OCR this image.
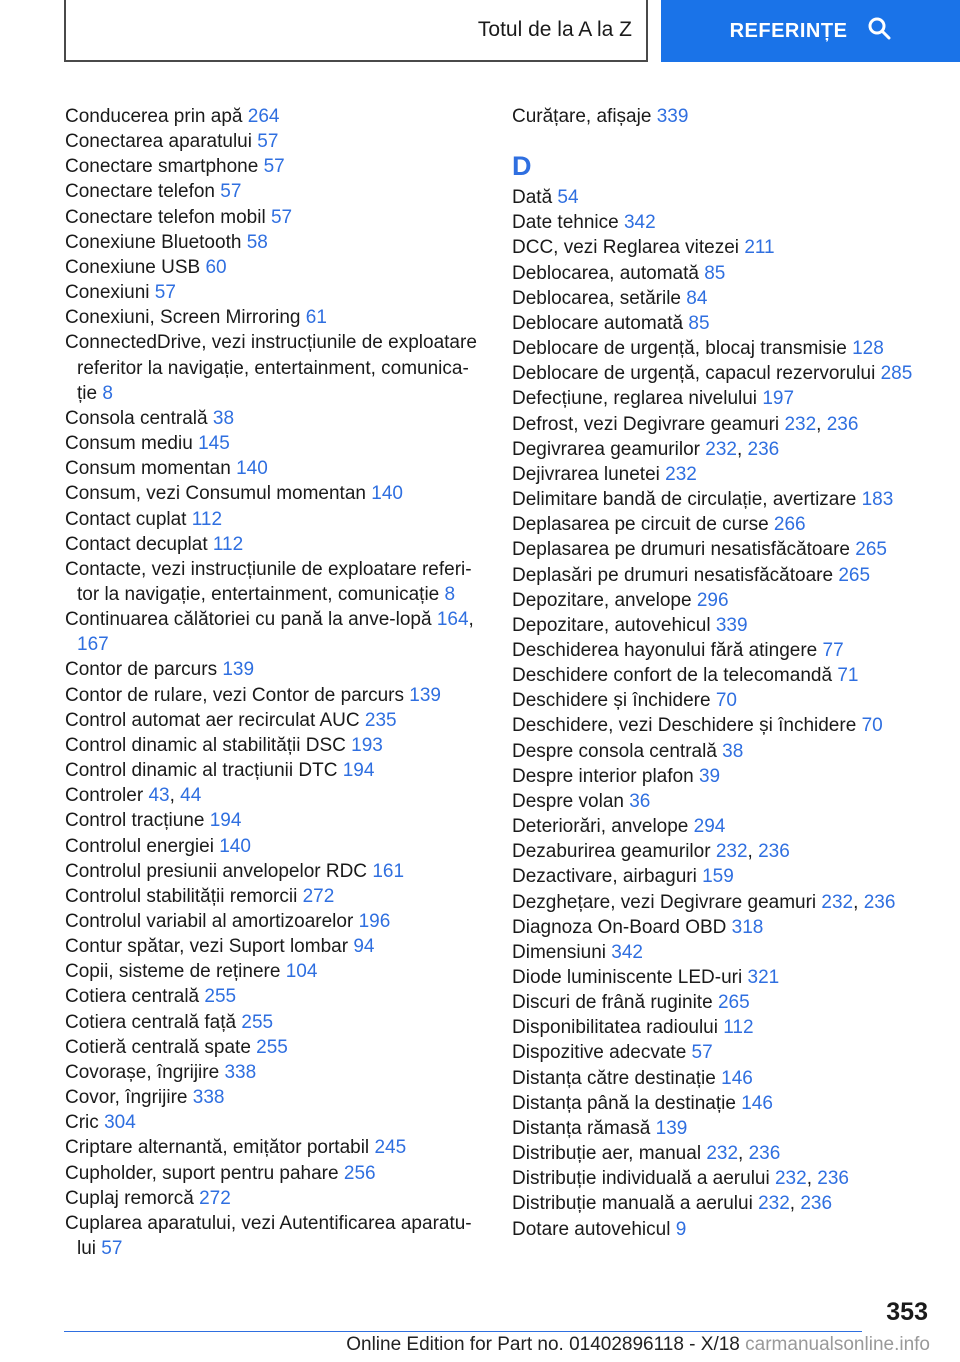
Totul de la A la Z	REFERINȚE
Conducerea prin apă 264
Conectarea aparatului 57
Conectare smartphone 57
Conectare telefon 57
Conectare telefon mobil 57
Conexiune Bluetooth 58
Conexiune USB 60
Conexiuni 57
Conexiuni, Screen Mirroring 61
ConnectedDrive, vezi instrucțiunile de exploatare referitor la navigație, entertainment, comunica‐ție 8
Consola centrală 38
Consum mediu 145
Consum momentan 140
Consum, vezi Consumul momentan 140
Contact cuplat 112
Contact decuplat 112
Contacte, vezi instrucțiunile de exploatare referi‐tor la navigație, entertainment, comunicație 8
Continuarea călătoriei cu pană la anve‐lopă 164, 167
Contor de parcurs 139
Contor de rulare, vezi Contor de parcurs 139
Control automat aer recirculat AUC 235
Control dinamic al stabilității DSC 193
Control dinamic al tracțiunii DTC 194
Controler 43, 44
Control tracțiune 194
Controlul energiei 140
Controlul presiunii anvelopelor RDC 161
Controlul stabilității remorcii 272
Controlul variabil al amortizoarelor 196
Contur spătar, vezi Suport lombar 94
Copii, sisteme de reținere 104
Cotiera centrală 255
Cotiera centrală față 255
Cotieră centrală spate 255
Covorașe, îngrijire 338
Covor, îngrijire 338
Cric 304
Criptare alternantă, emițător portabil 245
Cupholder, suport pentru pahare 256
Cuplaj remorcă 272
Cuplarea aparatului, vezi Autentificarea aparatu‐lui 57
Curățare, afișaje 339
D
Dată 54
Date tehnice 342
DCC, vezi Reglarea vitezei 211
Deblocarea, automată 85
Deblocarea, setările 84
Deblocare automată 85
Deblocare de urgență, blocaj transmisie 128
Deblocare de urgență, capacul rezervorului 285
Defecțiune, reglarea nivelului 197
Defrost, vezi Degivrare geamuri 232, 236
Degivrarea geamurilor 232, 236
Dejivrarea lunetei 232
Delimitare bandă de circulație, avertizare 183
Deplasarea pe circuit de curse 266
Deplasarea pe drumuri nesatisfăcătoare 265
Deplasări pe drumuri nesatisfăcătoare 265
Depozitare, anvelope 296
Depozitare, autovehicul 339
Deschiderea hayonului fără atingere 77
Deschidere confort de la telecomandă 71
Deschidere și închidere 70
Deschidere, vezi Deschidere și închidere 70
Despre consola centrală 38
Despre interior plafon 39
Despre volan 36
Deteriorări, anvelope 294
Dezaburirea geamurilor 232, 236
Dezactivare, airbaguri 159
Dezghețare, vezi Degivrare geamuri 232, 236
Diagnoza On-Board OBD 318
Dimensiuni 342
Diode luminiscente LED-uri 321
Discuri de frână ruginite 265
Disponibilitatea radioului 112
Dispozitive adecvate 57
Distanța către destinație 146
Distanța până la destinație 146
Distanța rămasă 139
Distribuție aer, manual 232, 236
Distribuție individuală a aerului 232, 236
Distribuție manuală a aerului 232, 236
Dotare autovehicul 9
353
Online Edition for Part no. 01402896118 - X/18 carmanualsonline.info
